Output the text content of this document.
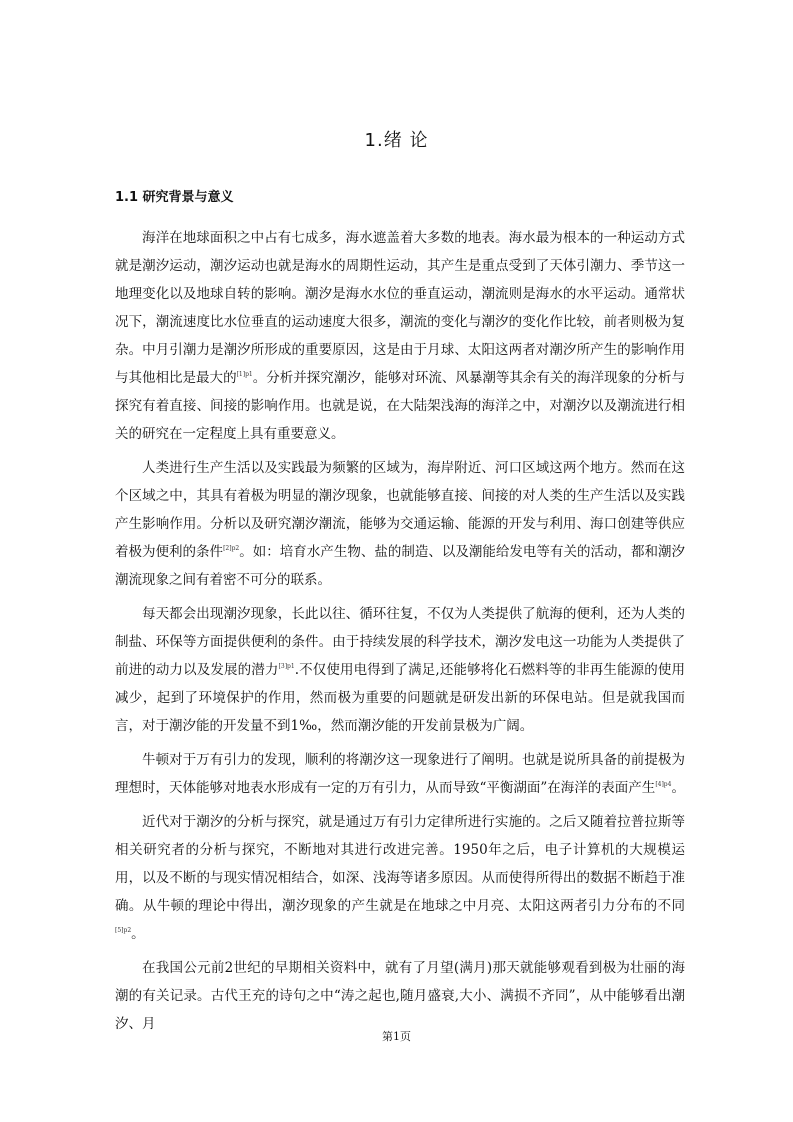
1.绪 论
1.1 研究背景与意义

海洋在地球面积之中占有七成多，海水遮盖着大多数的地表。海水最为根本的一种运动方式就是潮汐运动，潮汐运动也就是海水的周期性运动，其产生是重点受到了天体引潮力、季节这一地理变化以及地球自转的影响。潮汐是海水水位的垂直运动，潮流则是海水的水平运动。通常状况下，潮流速度比水位垂直的运动速度大很多，潮流的变化与潮汐的变化作比较，前者则极为复杂。中月引潮力是潮汐所形成的重要原因，这是由于月球、太阳这两者对潮汐所产生的影响作用与其他相比是最大的$^{[1]p1}$。分析并探究潮汐，能够对环流、风暴潮等其余有关的海洋现象的分析与探究有着直接、间接的影响作用。也就是说，在大陆架浅海的海洋之中，对潮汐以及潮流进行相关的研究在一定程度上具有重要意义。

人类进行生产生活以及实践最为频繁的区域为，海岸附近、河口区域这两个地方。然而在这个区域之中，其具有着极为明显的潮汐现象，也就能够直接、间接的对人类的生产生活以及实践产生影响作用。分析以及研究潮汐潮流，能够为交通运输、能源的开发与利用、海口创建等供应着极为便利的条件$^{[2]p2}$。如：培育水产生物、盐的制造、以及潮能给发电等有关的活动，都和潮汐潮流现象之间有着密不可分的联系。

每天都会出现潮汐现象，长此以往、循环往复，不仅为人类提供了航海的便利，还为人类的制盐、环保等方面提供便利的条件。由于持续发展的科学技术，潮汐发电这一功能为人类提供了前进的动力以及发展的潜力$^{[3]p1}$.不仅使用电得到了满足,还能够将化石燃料等的非再生能源的使用减少，起到了环境保护的作用，然而极为重要的问题就是研发出新的环保电站。但是就我国而言，对于潮汐能的开发量不到1‰，然而潮汐能的开发前景极为广阔。

牛顿对于万有引力的发现，顺利的将潮汐这一现象进行了阐明。也就是说所具备的前提极为理想时，天体能够对地表水形成有一定的万有引力，从而导致“平衡湖面”在海洋的表面产生$^{[4]p4}$。

近代对于潮汐的分析与探究，就是通过万有引力定律所进行实施的。之后又随着拉普拉斯等相关研究者的分析与探究，不断地对其进行改进完善。1950年之后，电子计算机的大规模运用，以及不断的与现实情况相结合，如深、浅海等诸多原因。从而使得所得出的数据不断趋于准确。从牛顿的理论中得出，潮汐现象的产生就是在地球之中月亮、太阳这两者引力分布的不同$^{[5]p2}$。

在我国公元前2世纪的早期相关资料中，就有了月望(满月)那天就能够观看到极为壮丽的海潮的有关记录。古代王充的诗句之中“涛之起也,随月盛衰,大小、满损不齐同”，从中能够看出潮汐、月

第1页
